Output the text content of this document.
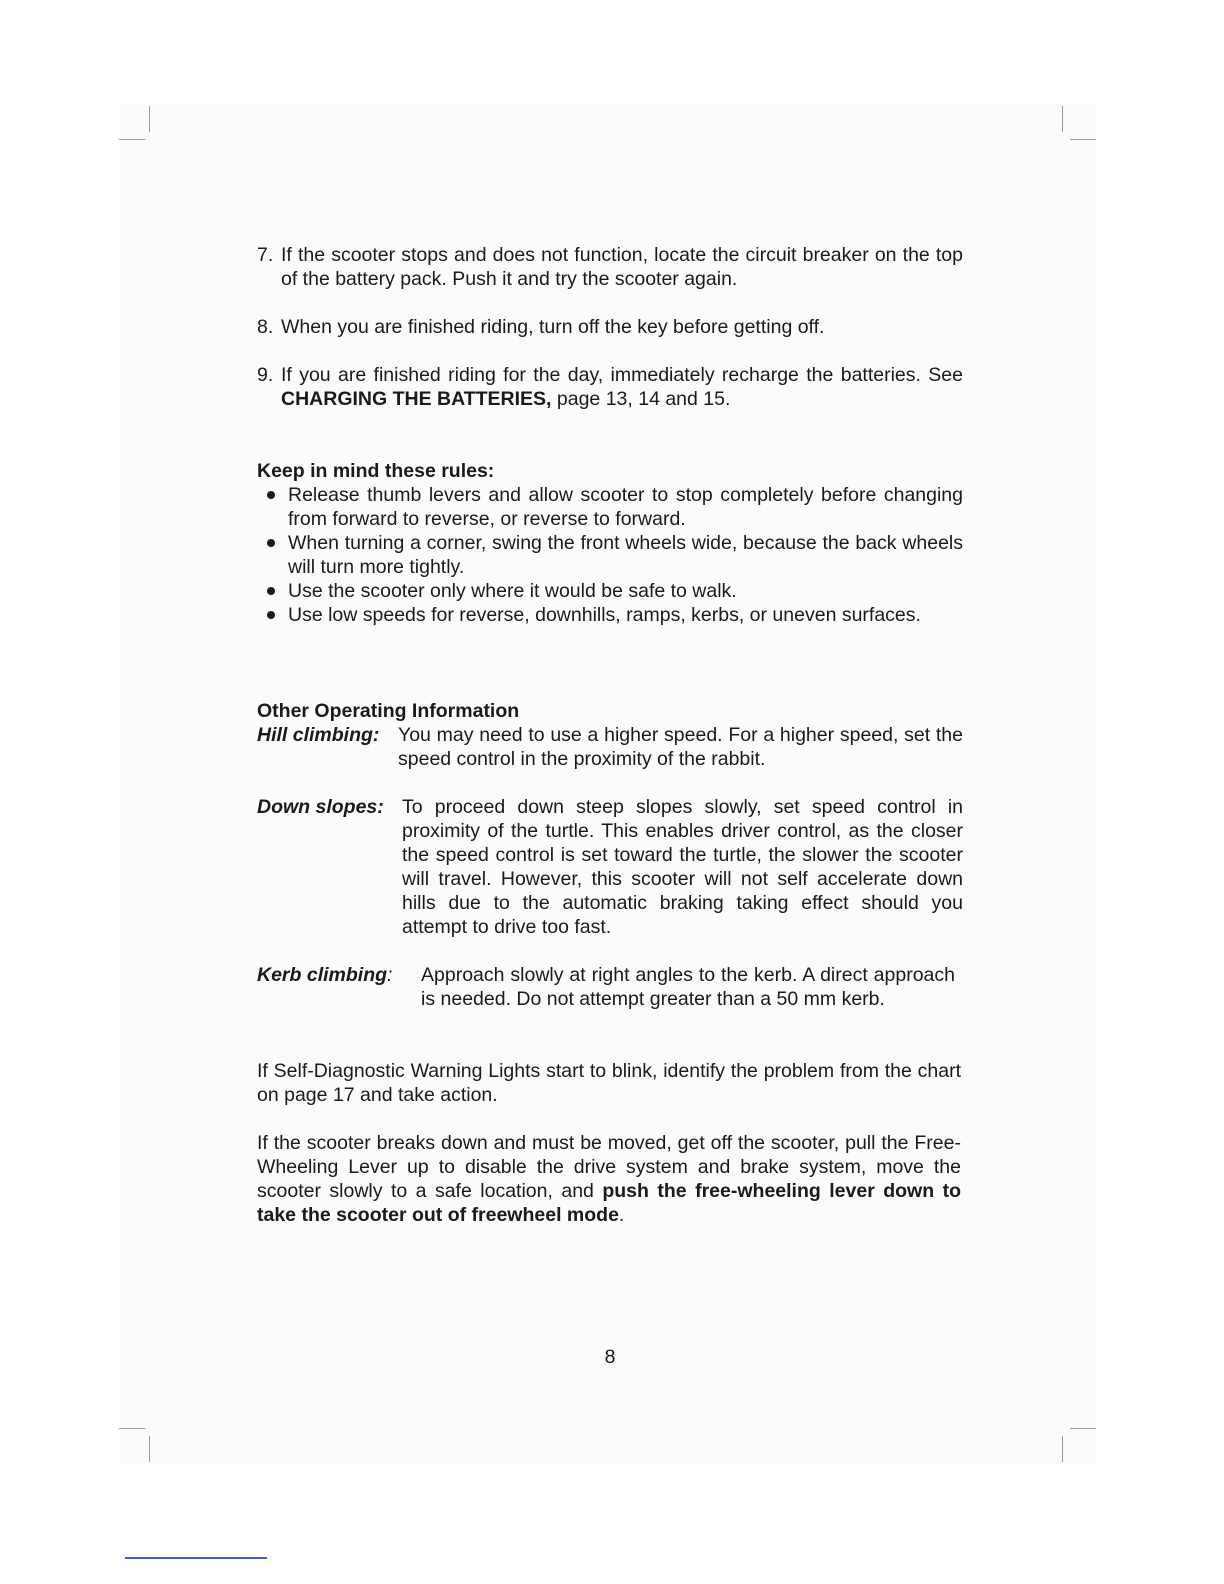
7. If the scooter stops and does not function, locate the circuit breaker on the top of the battery pack. Push it and try the scooter again.
8. When you are finished riding, turn off the key before getting off.
9. If you are finished riding for the day, immediately recharge the batteries. See CHARGING THE BATTERIES, page 13, 14 and 15.
Keep in mind these rules:
Release thumb levers and allow scooter to stop completely before changing from forward to reverse, or reverse to forward.
When turning a corner, swing the front wheels wide, because the back wheels will turn more tightly.
Use the scooter only where it would be safe to walk.
Use low speeds for reverse, downhills, ramps, kerbs, or uneven surfaces.
Other Operating Information
Hill climbing: You may need to use a higher speed. For a higher speed, set the speed control in the proximity of the rabbit.
Down slopes: To proceed down steep slopes slowly, set speed control in proximity of the turtle. This enables driver control, as the closer the speed control is set toward the turtle, the slower the scooter will travel. However, this scooter will not self accelerate down hills due to the automatic braking taking effect should you attempt to drive too fast.
Kerb climbing: Approach slowly at right angles to the kerb. A direct approach is needed. Do not attempt greater than a 50 mm kerb.
If Self-Diagnostic Warning Lights start to blink, identify the problem from the chart on page 17 and take action.
If the scooter breaks down and must be moved, get off the scooter, pull the Free-Wheeling Lever up to disable the drive system and brake system, move the scooter slowly to a safe location, and push the free-wheeling lever down to take the scooter out of freewheel mode.
8
